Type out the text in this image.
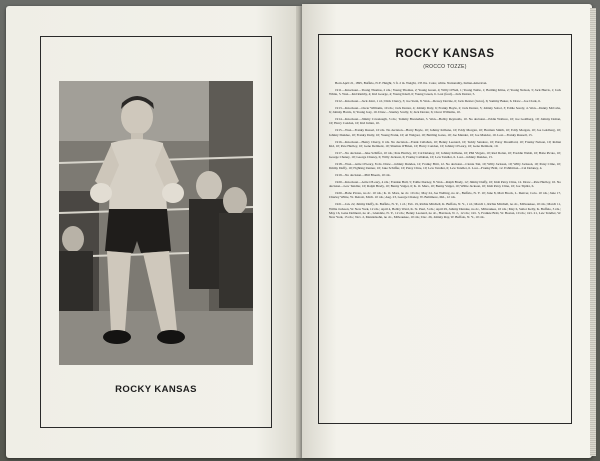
ROCKY KANSAS
ROCKY KANSAS
(ROCCO TOZZE)

Born April 21, 1895, Buffalo, N.Y. Height, 5 ft. 2 in. Weight, 135 lbs. Color, white. Nationality, Italian-American.

1911—Knockout—Young Thomas, 2 rds.; Young Thomas, 2; Young Green, 4; Willy O'Neil, 1; Young Tuttle, 1; Battling Kline, 2; Young Nelson, 3; Jack Harris, 1; Jack White, 5. Won—Kid Ramby, 4; Kid George, 4; Young Knall, 6; Young Green, 6. Lost (foul)—Jack Dexter, 5.

1912—Knockout—Jack Joint, 1 rd.; Dick Clancy, 3; Joe Stein, 8. Won—Dewey Devine, 6; Jack Dexter (twice), 6; Sammy Baker, 6. Draw—Joe Clark, 6.

1913—Knockout—Oscar Williams, 10 rds.; Jack Dexter, 4; Johnny Daly, 6; Franky Boyle, 2; Jack Dexter, 5; Johnny Sobol, 3; Eddie Sorely, 4. Won—Danny McCabe, 6; Johnny Harris, 6; Young Josy, 10. Draw—Stanley Scully, 6; Jack Dexter, 6; Oscar Williams, 10.

1914—Knockout—Jimmy Cavanaugh, 3 rds.; Tommy Bresnahan, 3. Won—Bobby Reynolds, 10. No decision—Eddie Wallace, 10; Joe Goldberg, 10; Johnny Dohan, 10; Harry Condon, 10; Kid Julian, 10.

1915—Won—Franky Russel, 10 rds. No decision—Harry Boyle, 10; Johnny Kilbane, 10; Eddy Morgan, 10; Herman Smith, 10; Eddy Morgan, 10; Joe Goldberg, 10; Johnny Dundee, 10; Franky Daily, 10; Young Frank, 10; Al Walgast, 10; Battling Gates, 10; Joe Mandot, 10; Joe Mandot, 10. Lost—Franky Russell, 15.

1916—Knockout—Henry Cherry, 6 rds. No decision—Frank Callahan, 10; Benny Leonard, 10; Teddy Sandore, 10; Patsy Drouillard, 10; Franky Nelson, 10; Indian Kid, 10; Pete Hartley, 10; Gene Delmont, 10; Shamus O'Brien, 10; Harry Condon, 10; Johnny O'Leary, 10; Gene Delmont, 10.

1917—No decision—Jake Schiffer, 10 rds.; Pete Hartley, 10; Cal Delaney, 10; Johnny Kilbane, 10; Phil Virgets, 10; Red Dolan, 10; Freddie Welsh, 10; Babe Picato, 10; George Chaney, 10; George Chaney, 6; Willy Jackson, 6; Franky Callahan, 10; Lew Tendler, 6. Lost—Johnny Dundee, 15.

1918—Won—Artie O'Leary, 8 rds. Draw—Johnny Dundee, 12; Franky Britt, 12. No decision—Clonie Tait, 10; Willy Jackson, 10; Willy Jackson, 10; Patsy Cline, 10; Jimmy Duffy, 10; Fighting Zunner, 10; Jake Schiffer, 10; Patsy Cline, 10; Lew Tendler, 6; Lew Tendler, 6. Lost—Franky Britt, 12. Exhibition—Cal Delaney, 4.

1919—No decision—Phil Bloom, 10 rds.

1920—Knockout—Artie O'Leary, 4 rds.; Frankie Bull, 5; Eddie Dorney, 8. Won—Ralph Brady, 12; Jimmy Duffy, 10; Irish Patsy Cline, 12. Draw—Pete Hartley, 10. No decision—Lew Tendler, 10; Ralph Brady, 10; Benny Valger, 6; K. O. Mars, 10; Benny Valger, 10; Willie Jackson, 10; Irish Patsy Cline, 10; Joe Tiplitz, 6.

1920—Babe Picato, no dc. 10 rds.; K. O. Mars, no dc. 10 rds.; May 24, Joe Welling, no dc., Buffalo, N. Y. 10; June 8, Matt Brock, L. Denver, Colo. 10 rds.; June 17, Charley White, W. Detroit, Mich. 10 rds.; Aug. 23, George Chaney, W. Baltimore, Md., 12 rds.

1921—Jan. 22, Jimmy Duffy, K. Buffalo, N. Y., 1 rd.; Feb. 19, Richie Mitchell, K. Buffalo, N. Y., 1 rd.; March 1, Richie Mitchell, no dc., Milwaukee, 10 rds.; March 11, Willie Jackson, W. New York, 12 rds.; April 4, Bobby Ward, K. St. Paul, 5 rds.; April 29, Johnny Dundee, no dc., Milwaukee, 10 rds.; May 6, Sailor Kelly, K. Buffalo, 3 rds.; May 16, Gene Delmont, no dc., Glendale, N. Y., 12 rds.; Benny Leonard, no dc., Harrison, N. J., 12 rds.; Oct. 5, Frankie Britt, W. Boston, 10 rds.; Oct. 21, Lew Tendler, W. New York, 15 rds.; Nov. 2, Mendelsohn, no dc., Milwaukee, 10 rds.; Dec. 26, Johnny Ray, W. Buffalo, N. Y., 10 rds.
